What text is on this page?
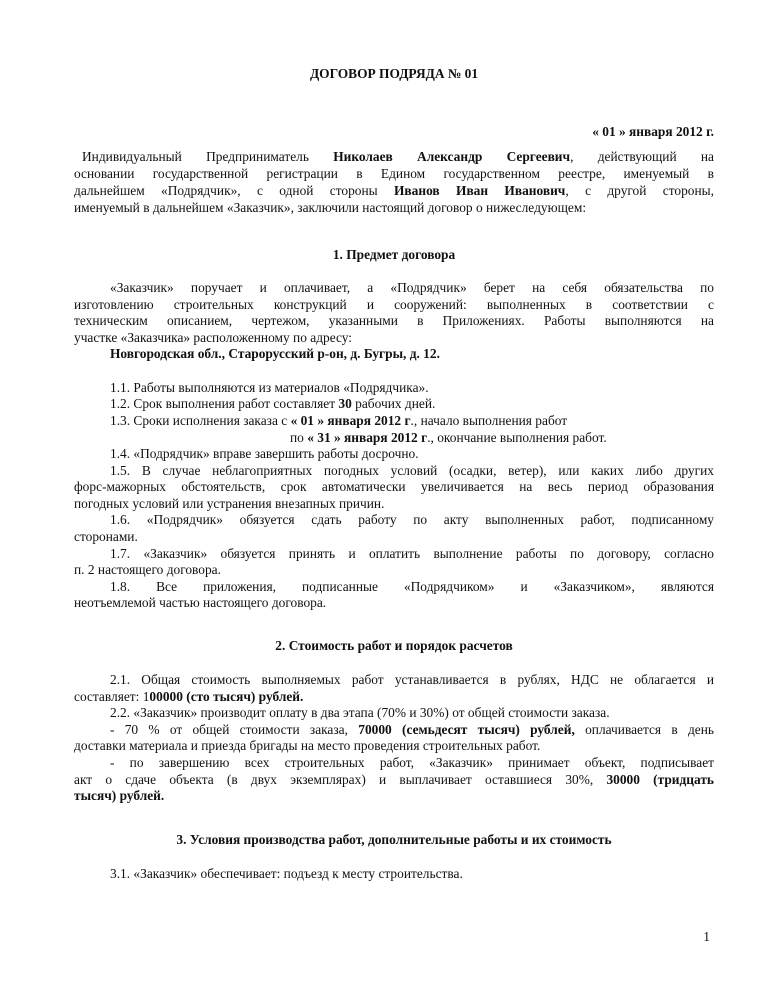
ДОГОВОР ПОДРЯДА № 01
« 01 » января 2012 г.
Индивидуальный Предприниматель Николаев Александр Сергеевич, действующий на
основании государственной регистрации в Едином государственном реестре, именуемый в
дальнейшем «Подрядчик», с одной стороны Иванов Иван Иванович, с другой стороны,
именуемый в дальнейшем «Заказчик», заключили настоящий договор о нижеследующем:
1. Предмет договора
«Заказчик» поручает и оплачивает, а «Подрядчик» берет на себя обязательства по
изготовлению строительных конструкций и сооружений: выполненных в соответствии с
техническим описанием, чертежом, указанными в Приложениях. Работы выполняются на
участке «Заказчика» расположенному по адресу:
Новгородская обл., Старорусский р-он, д. Бугры, д. 12.
1.1. Работы выполняются из материалов «Подрядчика».
1.2. Срок выполнения работ составляет 30 рабочих дней.
1.3. Сроки исполнения заказа с « 01 » января 2012 г., начало выполнения работ
по « 31 » января 2012 г., окончание выполнения работ.
1.4. «Подрядчик» вправе завершить работы досрочно.
1.5. В случае неблагоприятных погодных условий (осадки, ветер), или каких либо других
форс-мажорных обстоятельств, срок автоматически увеличивается на весь период образования
погодных условий или устранения внезапных причин.
1.6. «Подрядчик» обязуется сдать работу по акту выполненных работ, подписанному
сторонами.
1.7. «Заказчик» обязуется принять и оплатить выполнение работы по договору, согласно
п. 2 настоящего договора.
1.8. Все приложения, подписанные «Подрядчиком» и «Заказчиком», являются
неотъемлемой частью настоящего договора.
2. Стоимость работ и порядок расчетов
2.1. Общая стоимость выполняемых работ устанавливается в рублях, НДС не облагается и
составляет: 100000 (сто тысяч) рублей.
2.2. «Заказчик» производит оплату в два этапа (70% и 30%) от общей стоимости заказа.
- 70 % от общей стоимости заказа, 70000 (семьдесят тысяч) рублей, оплачивается в день
доставки материала и приезда бригады на место проведения строительных работ.
- по завершению всех строительных работ, «Заказчик» принимает объект, подписывает
акт о сдаче объекта (в двух экземплярах) и выплачивает оставшиеся 30%, 30000 (тридцать
тысяч) рублей.
3. Условия производства работ, дополнительные работы и их стоимость
3.1. «Заказчик» обеспечивает: подъезд к месту строительства.
1
